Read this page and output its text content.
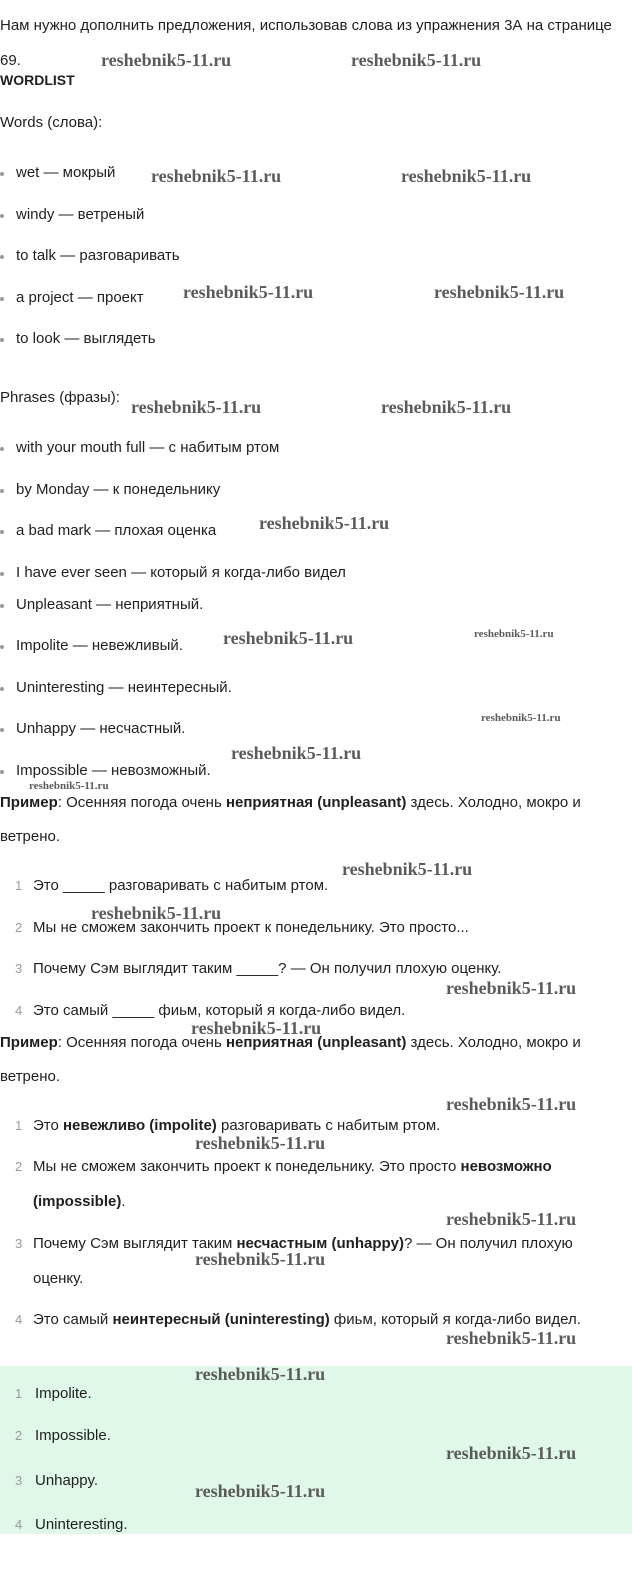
Нам нужно дополнить предложения, использовав слова из упражнения 3А на странице 69.

WORDLIST
Words (слова):
wet — мокрый
windy — ветреный
to talk — разговаривать
a project — проект
to look — выглядеть
Phrases (фразы):
with your mouth full — с набитым ртом
by Monday — к понедельнику
a bad mark — плохая оценка
I have ever seen — который я когда-либо видел
Unpleasant — неприятный.
Impolite — невежливый.
Uninteresting — неинтересный.
Unhappy — несчастный.
Impossible — невозможный.
Пример: Осенняя погода очень неприятная (unpleasant) здесь. Холодно, мокро и ветрено.
1 Это _____ разговаривать с набитым ртом.
2 Мы не сможем закончить проект к понедельнику. Это просто...
3 Почему Сэм выглядит таким _____? — Он получил плохую оценку.
4 Это самый _____ фиьм, который я когда-либо видел.
Пример: Осенняя погода очень неприятная (unpleasant) здесь. Холодно, мокро и ветрено.
1 Это невежливо (impolite) разговаривать с набитым ртом.
2 Мы не сможем закончить проект к понедельнику. Это просто невозможно (impossible).
3 Почему Сэм выглядит таким несчастным (unhappy)? — Он получил плохую оценку.
4 Это самый неинтересный (uninteresting) фиьм, который я когда-либо видел.
1 Impolite.
2 Impossible.
3 Unhappy.
4 Uninteresting.
reshebnik5-11.ru	reshebnik5-11.ru
reshebnik5-11.ru	reshebnik5-11.ru
reshebnik5-11.ru	reshebnik5-11.ru
reshebnik5-11.ru	reshebnik5-11.ru
reshebnik5-11.ru
reshebnik5-11.ru	reshebnik5-11.ru
reshebnik5-11.ru
reshebnik5-11.ru
reshebnik5-11.ru
reshebnik5-11.ru
reshebnik5-11.ru
reshebnik5-11.ru
reshebnik5-11.ru
reshebnik5-11.ru
reshebnik5-11.ru
reshebnik5-11.ru
reshebnik5-11.ru
reshebnik5-11.ru
reshebnik5-11.ru
reshebnik5-11.ru
reshebnik5-11.ru
